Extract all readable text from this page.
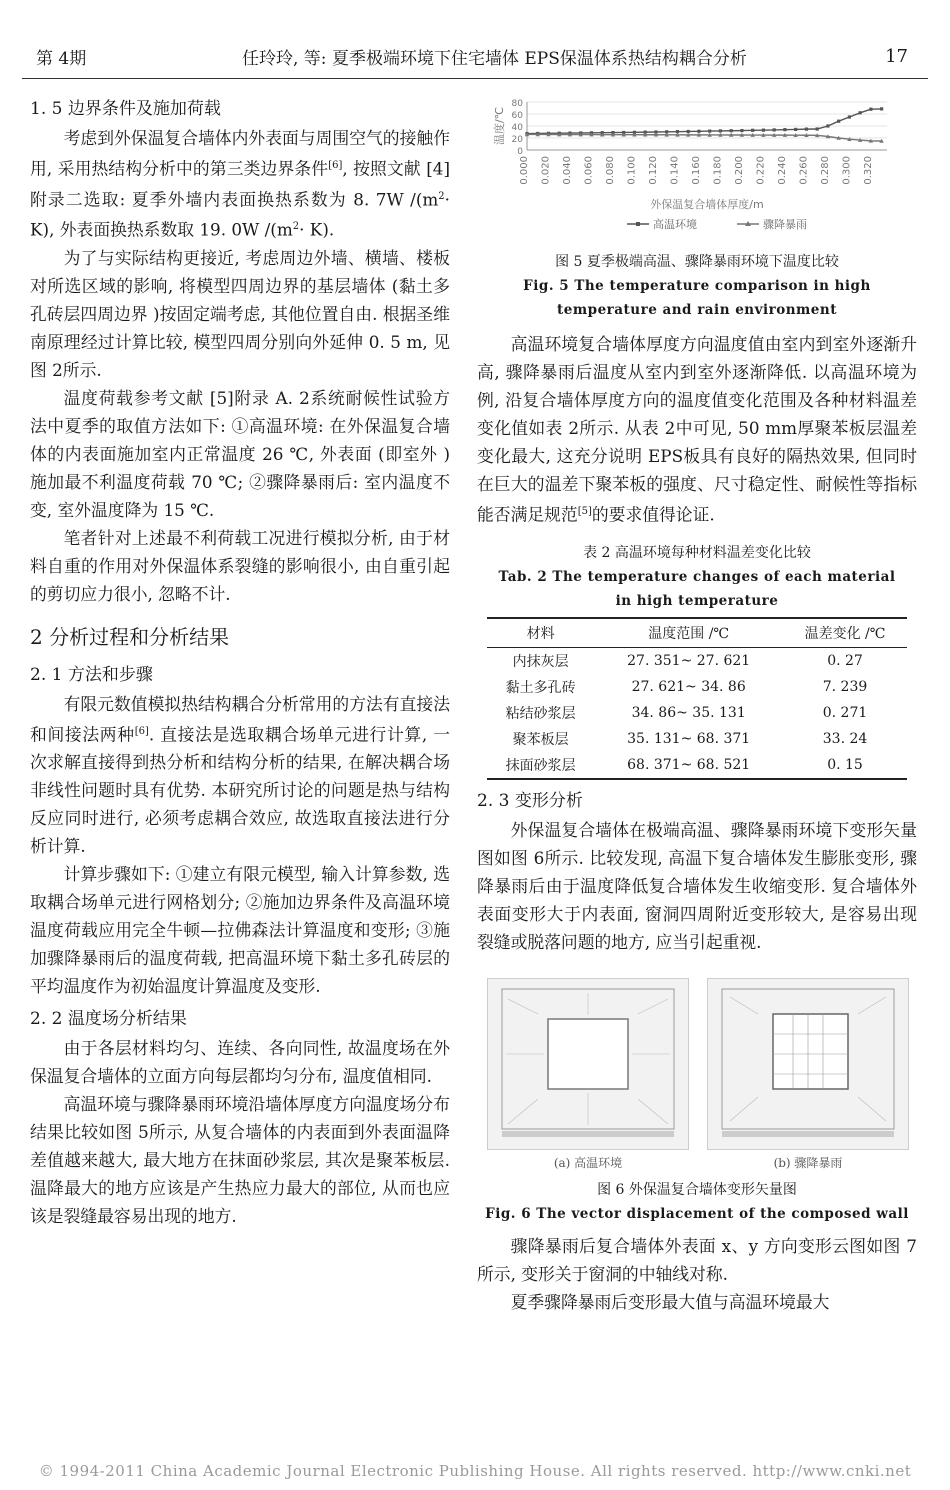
第 4期	任玲玲, 等: 夏季极端环境下住宅墙体 EPS保温体系热结构耦合分析	17

1. 5 边界条件及施加荷载

考虑到外保温复合墙体内外表面与周围空气的接触作用, 采用热结构分析中的第三类边界条件[6], 按照文献 [4]附录二选取: 夏季外墙内表面换热系数为 8. 7W $/(m^2\cdot K)$, 外表面换热系数取 19. 0W $/(m^2\cdot K)$.

为了与实际结构更接近, 考虑周边外墙、横墙、楼板对所选区域的影响, 将模型四周边界的基层墙体 (黏土多孔砖层四周边界 )按固定端考虑, 其他位置自由. 根据圣维南原理经过计算比较, 模型四周分别向外延伸 0. 5 m, 见图 2所示.

温度荷载参考文献 [5]附录 A. 2系统耐候性试验方法中夏季的取值方法如下: ①高温环境: 在外保温复合墙体的内表面施加室内正常温度 26 ℃, 外表面 (即室外 )施加最不利温度荷载 70 ℃; ②骤降暴雨后: 室内温度不变, 室外温度降为 15 ℃.

笔者针对上述最不利荷载工况进行模拟分析, 由于材料自重的作用对外保温体系裂缝的影响很小, 由自重引起的剪切应力很小, 忽略不计.

2 分析过程和分析结果

2. 1 方法和步骤

有限元数值模拟热结构耦合分析常用的方法有直接法和间接法两种[6]. 直接法是选取耦合场单元进行计算, 一次求解直接得到热分析和结构分析的结果, 在解决耦合场非线性问题时具有优势. 本研究所讨论的问题是热与结构反应同时进行, 必须考虑耦合效应, 故选取直接法进行分析计算.

计算步骤如下: ①建立有限元模型, 输入计算参数, 选取耦合场单元进行网格划分; ②施加边界条件及高温环境温度荷载应用完全牛顿—拉佛森法计算温度和变形; ③施加骤降暴雨后的温度荷载, 把高温环境下黏土多孔砖层的平均温度作为初始温度计算温度及变形.

2. 2 温度场分析结果

由于各层材料均匀、连续、各向同性, 故温度场在外保温复合墙体的立面方向每层都均匀分布, 温度值相同.

高温环境与骤降暴雨环境沿墙体厚度方向温度场分布结果比较如图 5所示, 从复合墙体的内表面到外表面温降差值越来越大, 最大地方在抹面砂浆层, 其次是聚苯板层. 温降最大的地方应该是产生热应力最大的部位, 从而也应该是裂缝最容易出现的地方.

0
20
40
60
80
温度/℃
0.000 0.020 0.040 0.060 0.080 0.100 0.120 0.140 0.160 0.180 0.200 0.220 0.240 0.260 0.280 0.300 0.320
外保温复合墙体厚度/m
高温环境	骤降暴雨

图 5 夏季极端高温、骤降暴雨环境下温度比较

Fig. 5 The temperature comparison in high

temperature and rain environment

高温环境复合墙体厚度方向温度值由室内到室外逐渐升高, 骤降暴雨后温度从室内到室外逐渐降低. 以高温环境为例, 沿复合墙体厚度方向的温度值变化范围及各种材料温差变化值如表 2所示. 从表 2中可见, 50 mm厚聚苯板层温差变化最大, 这充分说明 EPS板具有良好的隔热效果, 但同时在巨大的温差下聚苯板的强度、尺寸稳定性、耐候性等指标能否满足规范[5]的要求值得论证.

表 2 高温环境每种材料温差变化比较

Tab. 2 The temperature changes of each material

in high temperature

材料	温度范围 /℃	温差变化 /℃
内抹灰层	27. 351~ 27. 621	0. 27
黏土多孔砖	27. 621~ 34. 86	7. 239
粘结砂浆层	34. 86~ 35. 131	0. 271
聚苯板层	35. 131~ 68. 371	33. 24
抹面砂浆层	68. 371~ 68. 521	0. 15

2. 3 变形分析

外保温复合墙体在极端高温、骤降暴雨环境下变形矢量图如图 6所示. 比较发现, 高温下复合墙体发生膨胀变形, 骤降暴雨后由于温度降低复合墙体发生收缩变形. 复合墙体外表面变形大于内表面, 窗洞四周附近变形较大, 是容易出现裂缝或脱落问题的地方, 应当引起重视.

(a) 高温环境	(b) 骤降暴雨

图 6 外保温复合墙体变形矢量图

Fig. 6 The vector displacement of the composed wall

骤降暴雨后复合墙体外表面 x、y 方向变形云图如图 7所示, 变形关于窗洞的中轴线对称.

夏季骤降暴雨后变形最大值与高温环境最大

© 1994-2011 China Academic Journal Electronic Publishing House. All rights reserved. http://www.cnki.net
